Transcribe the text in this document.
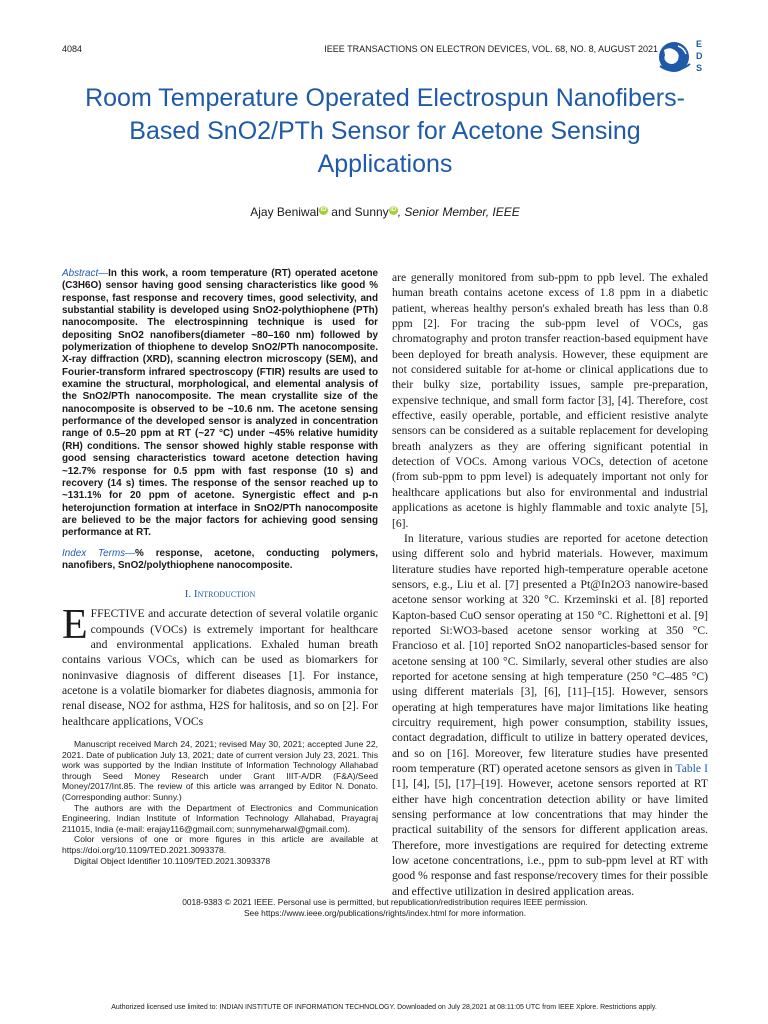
4084	IEEE TRANSACTIONS ON ELECTRON DEVICES, VOL. 68, NO. 8, AUGUST 2021	E
D
S
Room Temperature Operated Electrospun Nanofibers-Based SnO2/PTh Sensor for Acetone Sensing Applications
Ajay Beniwal iD and Sunny iD , Senior Member, IEEE

Abstract—In this work, a room temperature (RT) operated acetone (C3H6O) sensor having good sensing characteristics like good % response, fast response and recovery times, good selectivity, and substantial stability is developed using SnO2-polythiophene (PTh) nanocomposite. The electrospinning technique is used for depositing SnO2 nanofibers(diameter ~80–160 nm) followed by polymerization of thiophene to develop SnO2/PTh nanocomposite. X-ray diffraction (XRD), scanning electron microscopy (SEM), and Fourier-transform infrared spectroscopy (FTIR) results are used to examine the structural, morphological, and elemental analysis of the SnO2/PTh nanocomposite. The mean crystallite size of the nanocomposite is observed to be ~10.6 nm. The acetone sensing performance of the developed sensor is analyzed in concentration range of 0.5–20 ppm at RT (~27 °C) under ~45% relative humidity (RH) conditions. The sensor showed highly stable response with good sensing characteristics toward acetone detection having ~12.7% response for 0.5 ppm with fast response (10 s) and recovery (14 s) times. The response of the sensor reached up to ~131.1% for 20 ppm of acetone. Synergistic effect and p-n heterojunction formation at interface in SnO2/PTh nanocomposite are believed to be the major factors for achieving good sensing performance at RT.

Index Terms—% response, acetone, conducting polymers, nanofibers, SnO2/polythiophene nanocomposite.

I. Introduction

EFFECTIVE and accurate detection of several volatile organic compounds (VOCs) is extremely important for healthcare and environmental applications. Exhaled human breath contains various VOCs, which can be used as biomarkers for noninvasive diagnosis of different diseases [1]. For instance, acetone is a volatile biomarker for diabetes diagnosis, ammonia for renal disease, NO2 for asthma, H2S for halitosis, and so on [2]. For healthcare applications, VOCs

Manuscript received March 24, 2021; revised May 30, 2021; accepted June 22, 2021. Date of publication July 13, 2021; date of current version July 23, 2021. This work was supported by the Indian Institute of Information Technology Allahabad through Seed Money Research under Grant IIIT-A/DR (F&A)/Seed Money/2017/Int.85. The review of this article was arranged by Editor N. Donato. (Corresponding author: Sunny.)

The authors are with the Department of Electronics and Communication Engineering, Indian Institute of Information Technology Allahabad, Prayagraj 211015, India (e-mail: erajay116@gmail.com; sunnymeharwal@gmail.com).

Color versions of one or more figures in this article are available at https://doi.org/10.1109/TED.2021.3093378.

Digital Object Identifier 10.1109/TED.2021.3093378

are generally monitored from sub-ppm to ppb level. The exhaled human breath contains acetone excess of 1.8 ppm in a diabetic patient, whereas healthy person's exhaled breath has less than 0.8 ppm [2]. For tracing the sub-ppm level of VOCs, gas chromatography and proton transfer reaction-based equipment have been deployed for breath analysis. However, these equipment are not considered suitable for at-home or clinical applications due to their bulky size, portability issues, sample pre-preparation, expensive technique, and small form factor [3], [4]. Therefore, cost effective, easily operable, portable, and efficient resistive analyte sensors can be considered as a suitable replacement for developing breath analyzers as they are offering significant potential in detection of VOCs. Among various VOCs, detection of acetone (from sub-ppm to ppm level) is adequately important not only for healthcare applications but also for environmental and industrial applications as acetone is highly flammable and toxic analyte [5], [6].
In literature, various studies are reported for acetone detection using different solo and hybrid materials. However, maximum literature studies have reported high-temperature operable acetone sensors, e.g., Liu et al. [7] presented a Pt@In2O3 nanowire-based acetone sensor working at 320 °C. Krzeminski et al. [8] reported Kapton-based CuO sensor operating at 150 °C. Righettoni et al. [9] reported Si:WO3-based acetone sensor working at 350 °C. Francioso et al. [10] reported SnO2 nanoparticles-based sensor for acetone sensing at 100 °C. Similarly, several other studies are also reported for acetone sensing at high temperature (250 °C–485 °C) using different materials [3], [6], [11]–[15]. However, sensors operating at high temperatures have major limitations like heating circuitry requirement, high power consumption, stability issues, contact degradation, difficult to utilize in battery operated devices, and so on [16]. Moreover, few literature studies have presented room temperature (RT) operated acetone sensors as given in Table I [1], [4], [5], [17]–[19]. However, acetone sensors reported at RT either have high concentration detection ability or have limited sensing performance at low concentrations that may hinder the practical suitability of the sensors for different application areas. Therefore, more investigations are required for detecting extreme low acetone concentrations, i.e., ppm to sub-ppm level at RT with good % response and fast response/recovery times for their possible and effective utilization in desired application areas.
0018-9383 © 2021 IEEE. Personal use is permitted, but republication/redistribution requires IEEE permission.
See https://www.ieee.org/publications/rights/index.html for more information.
Authorized licensed use limited to: INDIAN INSTITUTE OF INFORMATION TECHNOLOGY. Downloaded on July 28,2021 at 08:11:05 UTC from IEEE Xplore. Restrictions apply.
